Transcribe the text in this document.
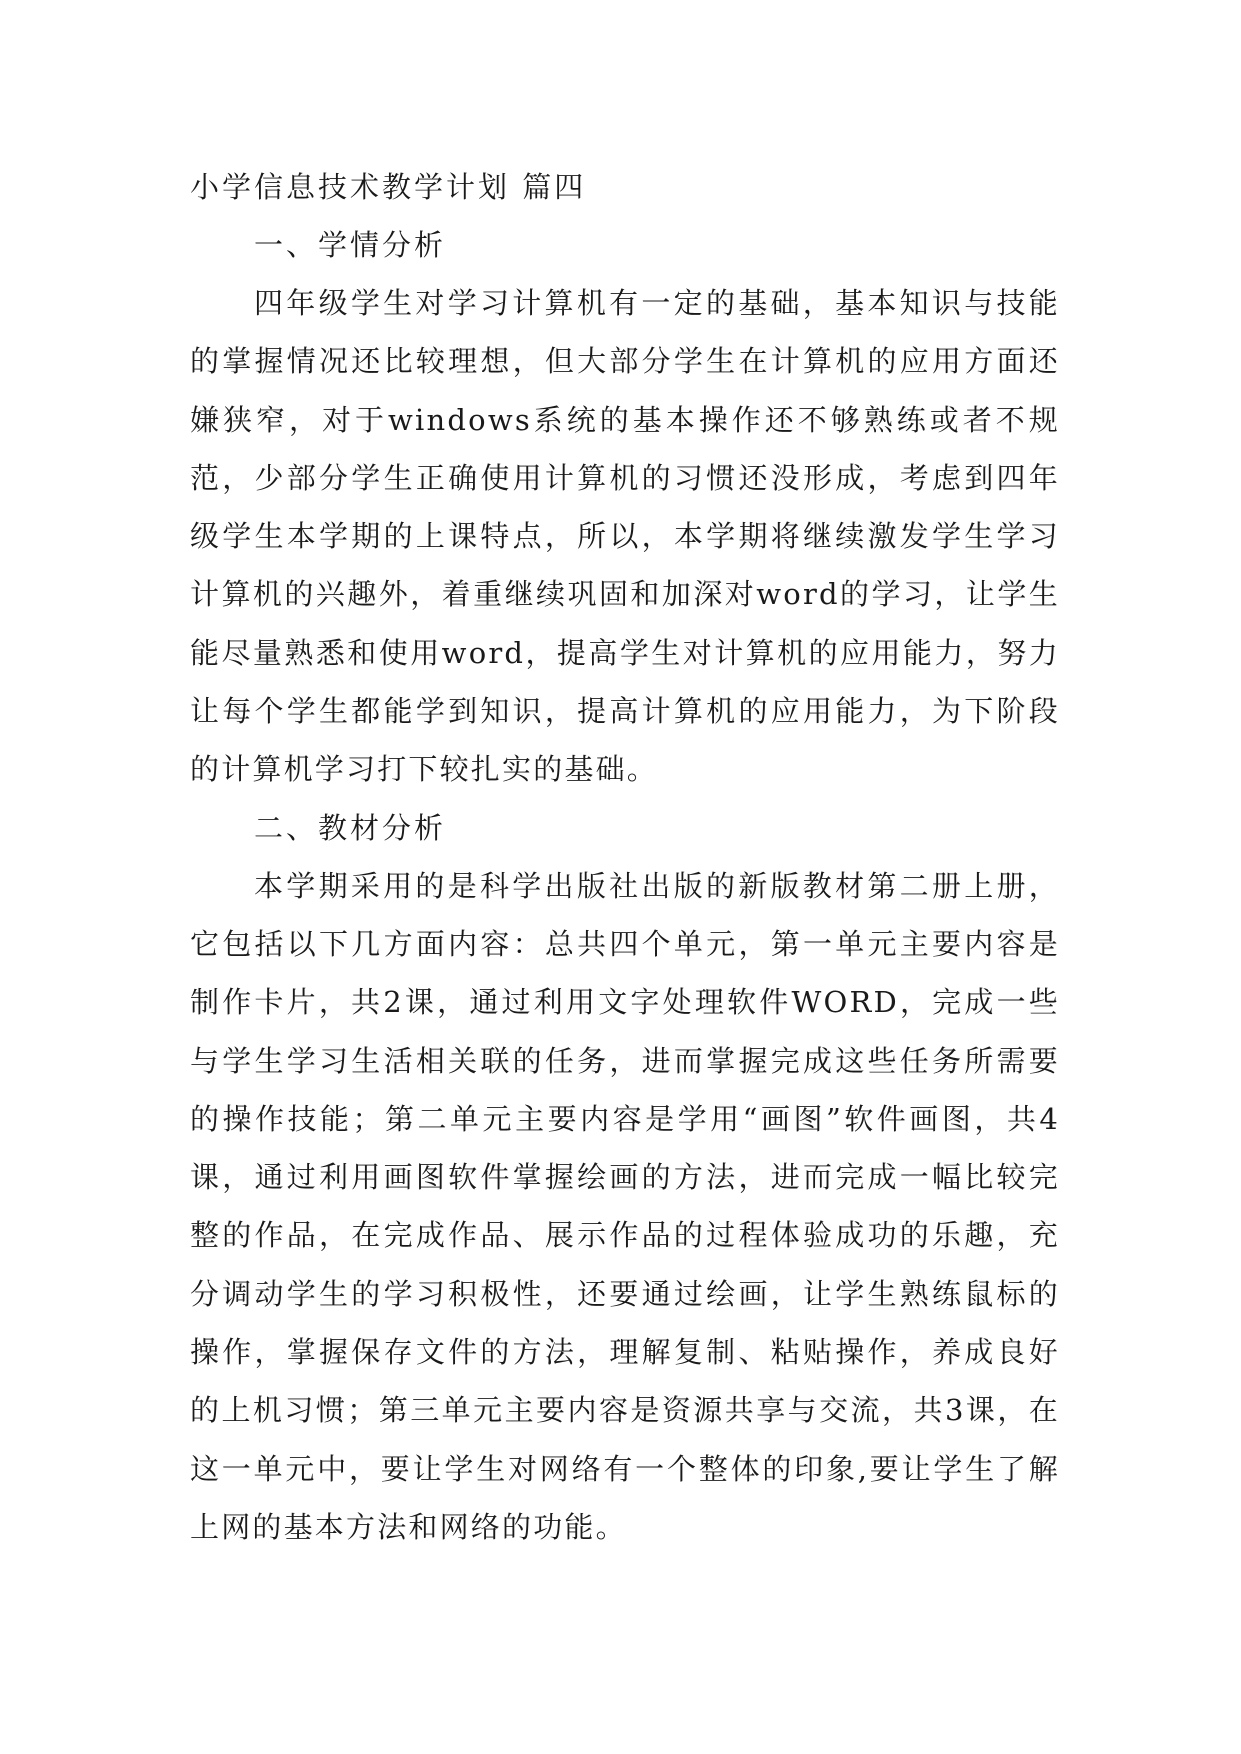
小学信息技术教学计划 篇四
一、学情分析

四年级学生对学习计算机有一定的基础，基本知识与技能的掌握情况还比较理想，但大部分学生在计算机的应用方面还嫌狭窄，对于windows系统的基本操作还不够熟练或者不规范，少部分学生正确使用计算机的习惯还没形成，考虑到四年级学生本学期的上课特点，所以，本学期将继续激发学生学习计算机的兴趣外，着重继续巩固和加深对word的学习，让学生能尽量熟悉和使用word，提高学生对计算机的应用能力，努力让每个学生都能学到知识，提高计算机的应用能力，为下阶段的计算机学习打下较扎实的基础。

二、教材分析

本学期采用的是科学出版社出版的新版教材第二册上册，它包括以下几方面内容：总共四个单元，第一单元主要内容是制作卡片，共2课，通过利用文字处理软件WORD，完成一些与学生学习生活相关联的任务，进而掌握完成这些任务所需要的操作技能；第二单元主要内容是学用“画图”软件画图，共4课，通过利用画图软件掌握绘画的方法，进而完成一幅比较完整的作品，在完成作品、展示作品的过程体验成功的乐趣，充分调动学生的学习积极性，还要通过绘画，让学生熟练鼠标的操作，掌握保存文件的方法，理解复制、粘贴操作，养成良好的上机习惯；第三单元主要内容是资源共享与交流，共3课，在这一单元中，要让学生对网络有一个整体的印象,要让学生了解上网的基本方法和网络的功能。
